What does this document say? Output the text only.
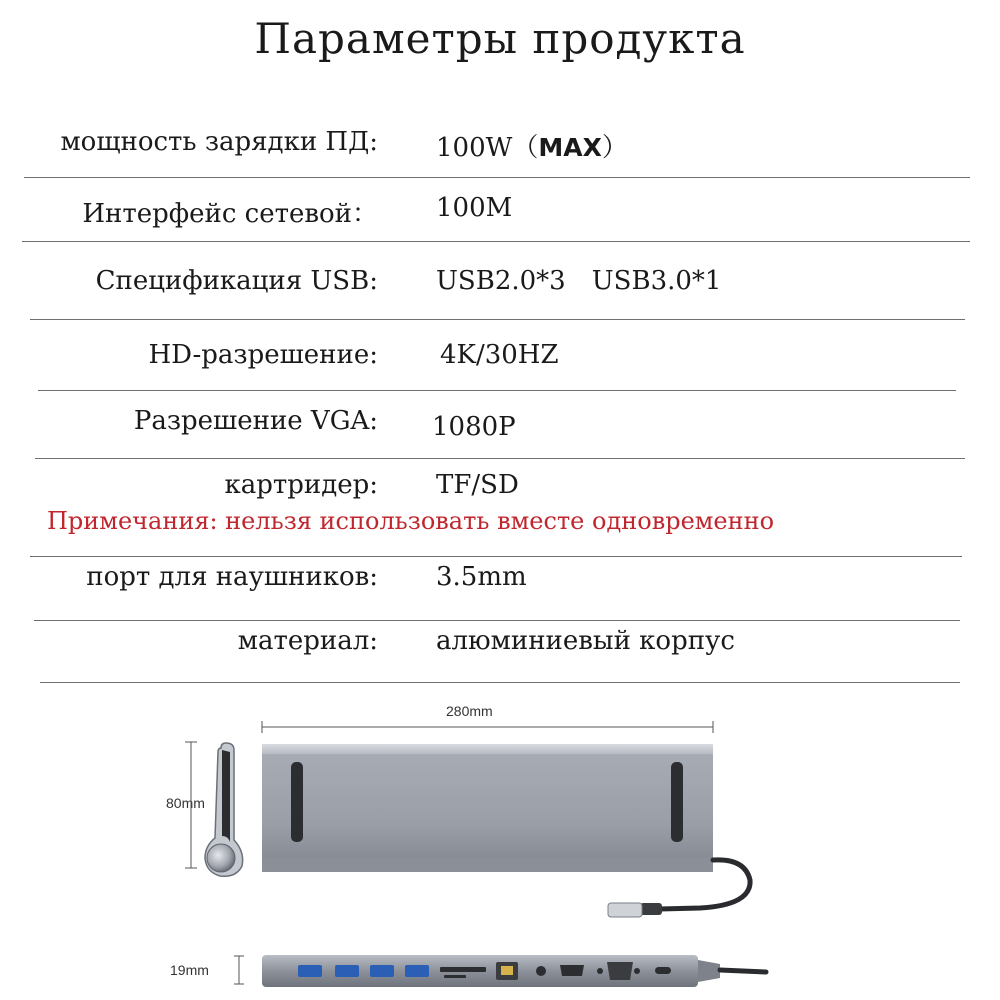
Параметры продукта
мощность зарядки ПД: 100W（MAX）
Интерфейс сетевой： 100M
Спецификация USB: USB2.0*3 USB3.0*1
HD-разрешение: 4K/30HZ
Разрешение VGA: 1080P
картридер: TF/SD
Примечания: нельзя использовать вместе одновременно
порт для наушников: 3.5mm
материал: алюминиевый корпус
280mm
80mm
19mm
